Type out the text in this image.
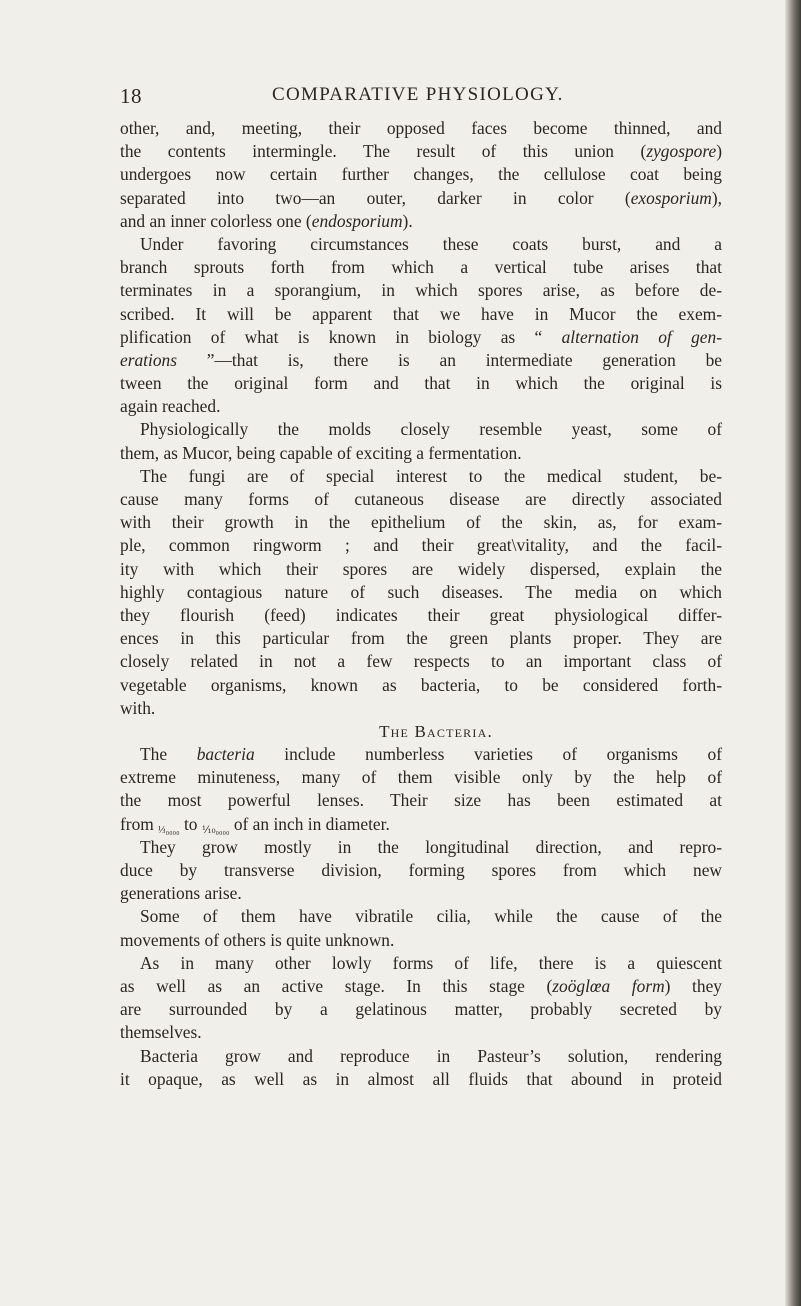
18	COMPARATIVE PHYSIOLOGY.
other, and, meeting, their opposed faces become thinned, and
the contents intermingle. The result of this union (zygospore)
undergoes now certain further changes, the cellulose coat being
separated into two—an outer, darker in color (exosporium),
and an inner colorless one (endosporium).
Under favoring circumstances these coats burst, and a
branch sprouts forth from which a vertical tube arises that
terminates in a sporangium, in which spores arise, as before de-
scribed. It will be apparent that we have in Mucor the exem-
plification of what is known in biology as “ alternation of gen-
erations ”—that is, there is an intermediate generation be
tween the original form and that in which the original is
again reached.
Physiologically the molds closely resemble yeast, some of
them, as Mucor, being capable of exciting a fermentation.
The fungi are of special interest to the medical student, be-
cause many forms of cutaneous disease are directly associated
with their growth in the epithelium of the skin, as, for exam-
ple, common ringworm ; and their great\vitality, and the facil-
ity with which their spores are widely dispersed, explain the
highly contagious nature of such diseases. The media on which
they flourish (feed) indicates their great physiological differ-
ences in this particular from the green plants proper. They are
closely related in not a few respects to an important class of
vegetable organisms, known as bacteria, to be considered forth-
with.
The Bacteria.
The bacteria include numberless varieties of organisms of
extreme minuteness, many of them visible only by the help of
the most powerful lenses. Their size has been estimated at
from ⅓₀₀₀₀ to ⅒₀₀₀₀ of an inch in diameter.
They grow mostly in the longitudinal direction, and repro-
duce by transverse division, forming spores from which new
generations arise.
Some of them have vibratile cilia, while the cause of the
movements of others is quite unknown.
As in many other lowly forms of life, there is a quiescent
as well as an active stage. In this stage (zoöglœa form) they
are surrounded by a gelatinous matter, probably secreted by
themselves.
Bacteria grow and reproduce in Pasteur’s solution, rendering
it opaque, as well as in almost all fluids that abound in proteid
